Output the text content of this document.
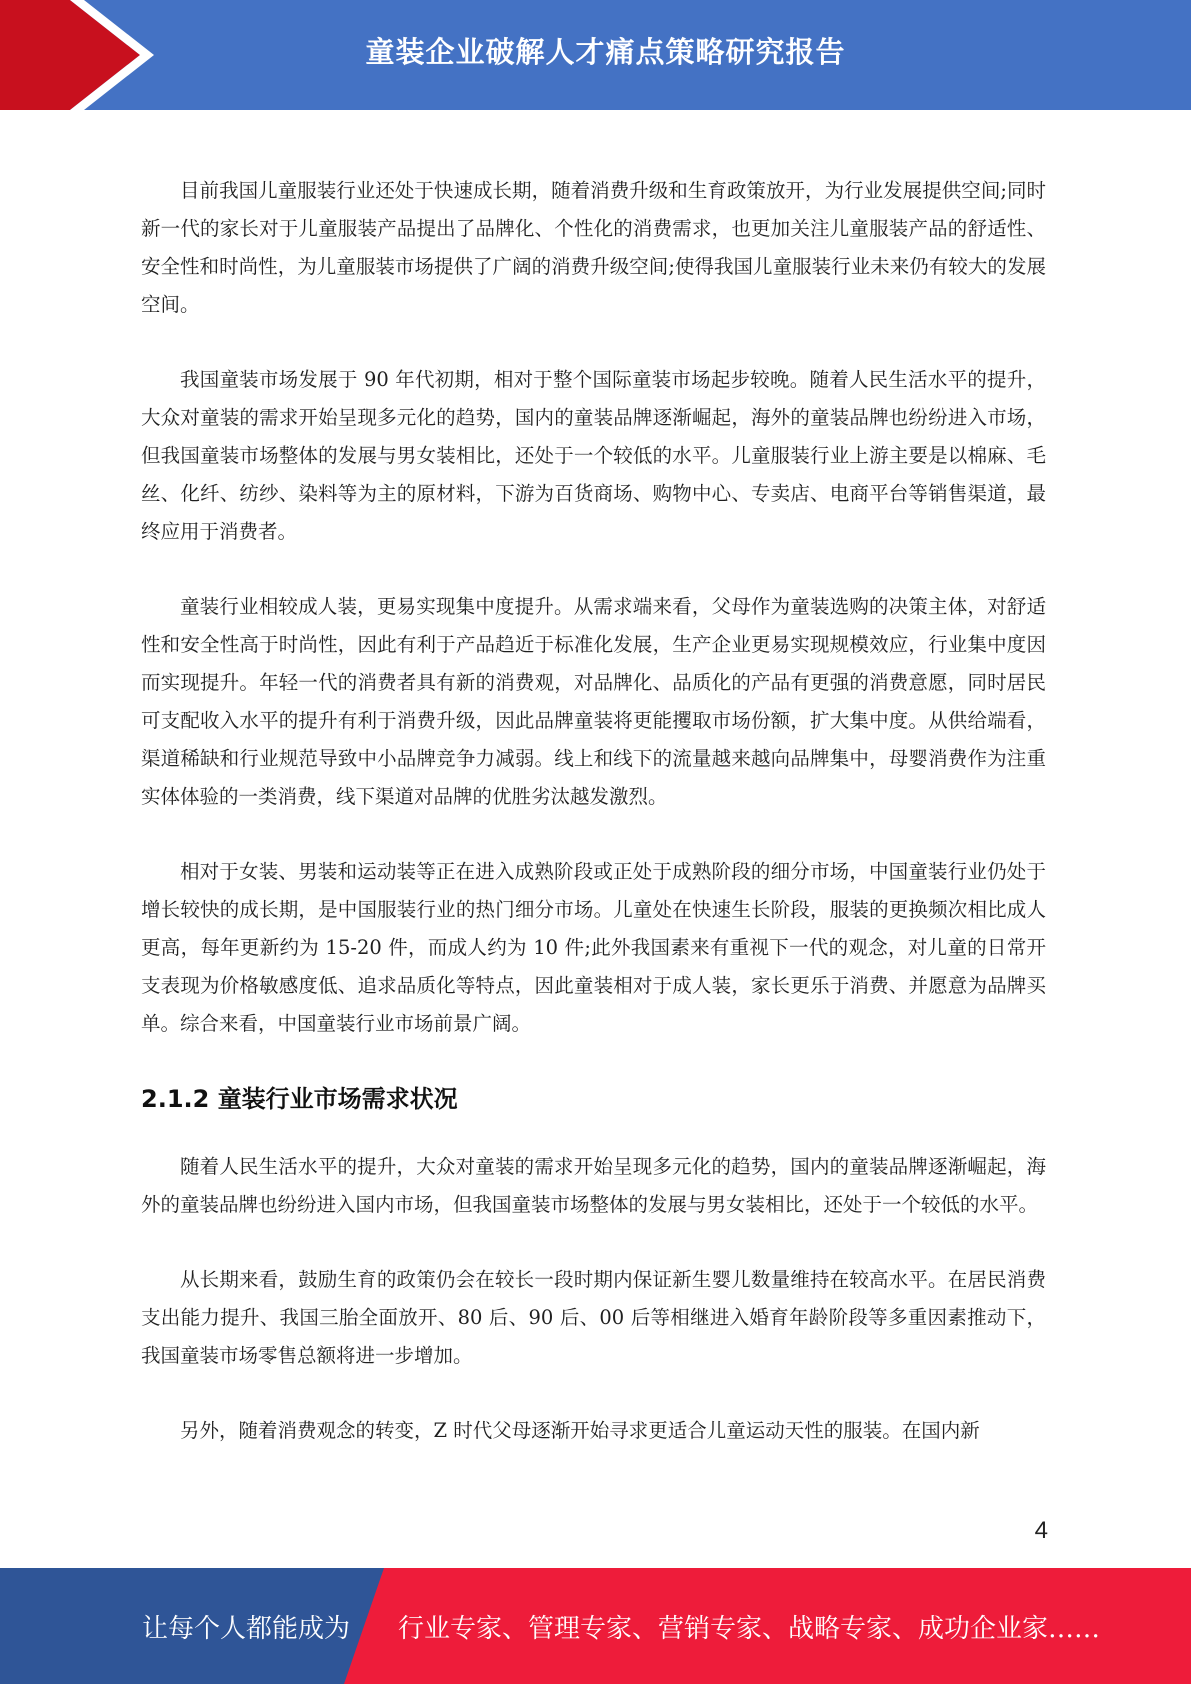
童装企业破解人才痛点策略研究报告

目前我国儿童服装行业还处于快速成长期，随着消费升级和生育政策放开，为行业发展提供空间;同时新一代的家长对于儿童服装产品提出了品牌化、个性化的消费需求，也更加关注儿童服装产品的舒适性、安全性和时尚性，为儿童服装市场提供了广阔的消费升级空间;使得我国儿童服装行业未来仍有较大的发展空间。

我国童装市场发展于 90 年代初期，相对于整个国际童装市场起步较晚。随着人民生活水平的提升，大众对童装的需求开始呈现多元化的趋势，国内的童装品牌逐渐崛起，海外的童装品牌也纷纷进入市场，但我国童装市场整体的发展与男女装相比，还处于一个较低的水平。儿童服装行业上游主要是以棉麻、毛丝、化纤、纺纱、染料等为主的原材料，下游为百货商场、购物中心、专卖店、电商平台等销售渠道，最终应用于消费者。

童装行业相较成人装，更易实现集中度提升。从需求端来看，父母作为童装选购的决策主体，对舒适性和安全性高于时尚性，因此有利于产品趋近于标准化发展，生产企业更易实现规模效应，行业集中度因而实现提升。年轻一代的消费者具有新的消费观，对品牌化、品质化的产品有更强的消费意愿，同时居民可支配收入水平的提升有利于消费升级，因此品牌童装将更能攫取市场份额，扩大集中度。从供给端看，渠道稀缺和行业规范导致中小品牌竞争力减弱。线上和线下的流量越来越向品牌集中，母婴消费作为注重实体体验的一类消费，线下渠道对品牌的优胜劣汰越发激烈。

相对于女装、男装和运动装等正在进入成熟阶段或正处于成熟阶段的细分市场，中国童装行业仍处于增长较快的成长期，是中国服装行业的热门细分市场。儿童处在快速生长阶段，服装的更换频次相比成人更高，每年更新约为 15-20 件，而成人约为 10 件;此外我国素来有重视下一代的观念，对儿童的日常开支表现为价格敏感度低、追求品质化等特点，因此童装相对于成人装，家长更乐于消费、并愿意为品牌买单。综合来看，中国童装行业市场前景广阔。

2.1.2 童装行业市场需求状况

随着人民生活水平的提升，大众对童装的需求开始呈现多元化的趋势，国内的童装品牌逐渐崛起，海外的童装品牌也纷纷进入国内市场，但我国童装市场整体的发展与男女装相比，还处于一个较低的水平。

从长期来看，鼓励生育的政策仍会在较长一段时期内保证新生婴儿数量维持在较高水平。在居民消费支出能力提升、我国三胎全面放开、80 后、90 后、00 后等相继进入婚育年龄阶段等多重因素推动下，我国童装市场零售总额将进一步增加。

另外，随着消费观念的转变，Z 时代父母逐渐开始寻求更适合儿童运动天性的服装。在国内新

4
让每个人都能成为 行业专家、管理专家、营销专家、战略专家、成功企业家……
